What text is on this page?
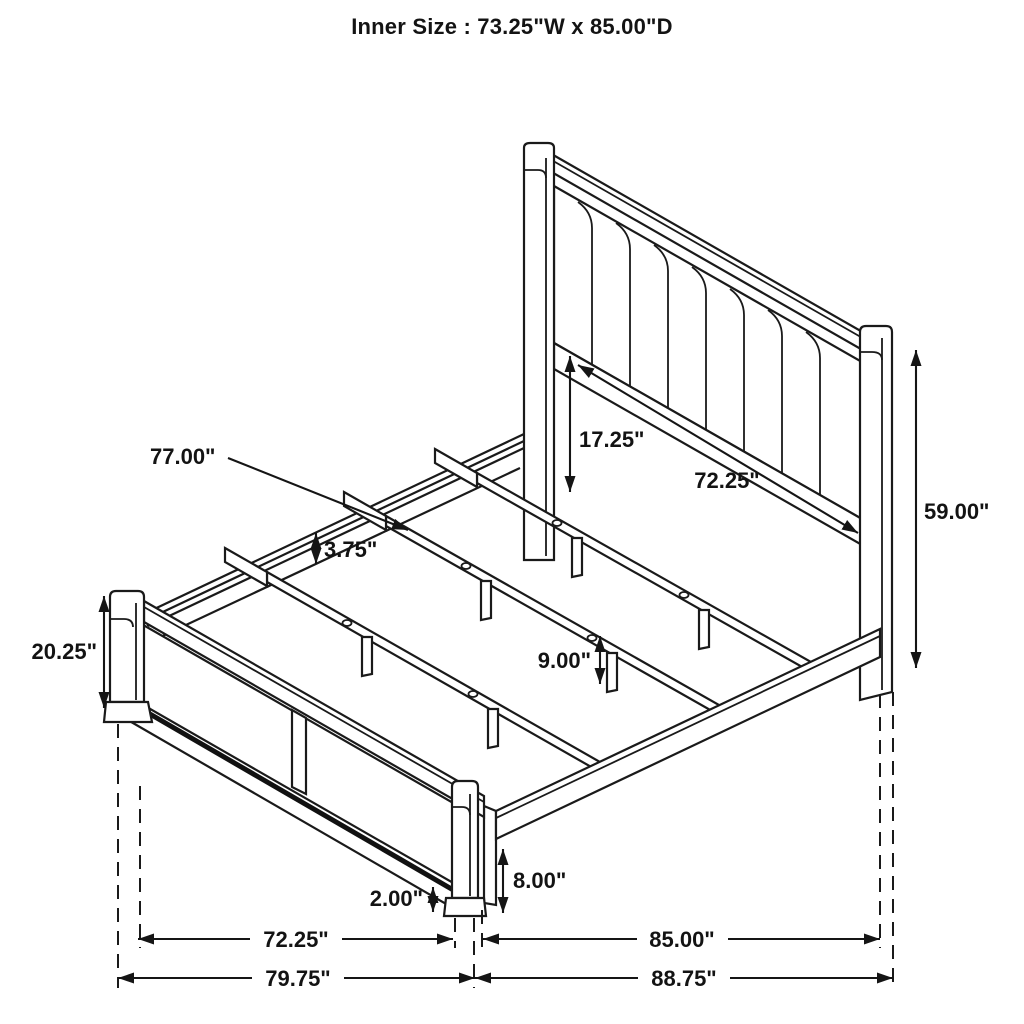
Inner Size : 73.25"W x 85.00"D
77.00"
3.75"
17.25"
72.25"
59.00"
20.25"	9.00"
2.00"
8.00"
72.25"	85.00"
79.75"	88.75"
